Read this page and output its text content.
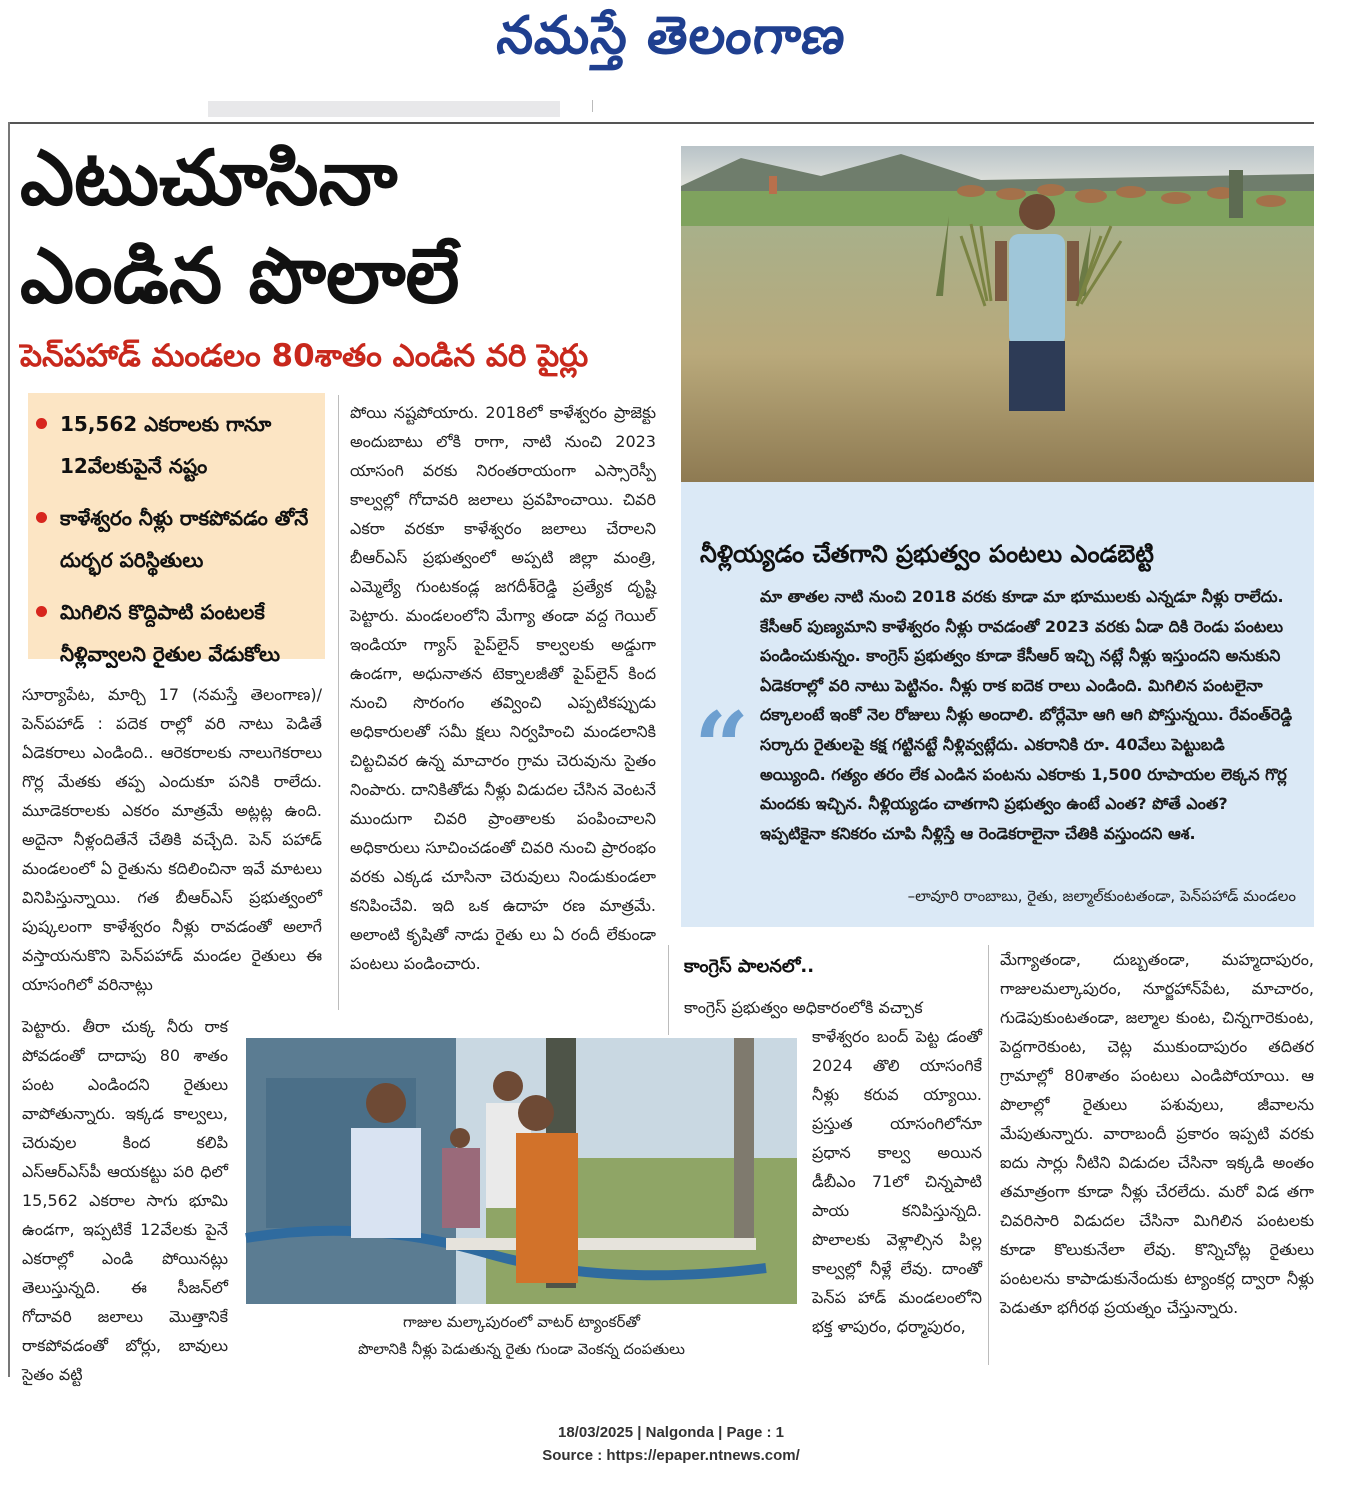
నమస్తే తెలంగాణ
ఎటుచూసినా
ఎండిన పొలాలే
పెన్‌పహాడ్ మండలం 80శాతం ఎండిన వరి పైర్లు
15,562 ఎకరాలకు గానూ 12వేలకుపైనే నష్టం
కాళేశ్వరం నీళ్లు రాకపోవడం తోనే దుర్భర పరిస్థితులు
మిగిలిన కొద్దిపాటి పంటలకే నీళ్లివ్వాలని రైతుల వేడుకోలు
సూర్యాపేట, మార్చి 17 (నమస్తే తెలంగాణ)/పెన్‌పహాడ్ : పదెక రాల్లో వరి నాటు పెడితే ఏడెకరాలు ఎండింది.. ఆరెకరాలకు నాలుగెకరాలు గొర్ల మేతకు తప్ప ఎందుకూ పనికి రాలేదు. మూడెకరాలకు ఎకరం మాత్రమే అట్లట్ల ఉంది. అదైనా నీళ్లందితేనే చేతికి వచ్చేది. పెన్ పహాడ్ మండలంలో ఏ రైతును కదిలించినా ఇవే మాటలు వినిపిస్తున్నాయి. గత బీఆర్‌ఎస్ ప్రభుత్వంలో పుష్కలంగా కాళేశ్వరం నీళ్లు రావడంతో అలాగే వస్తాయనుకొని పెన్‌పహాడ్ మండల రైతులు ఈ యాసంగిలో వరినాట్లు
పెట్టారు. తీరా చుక్క నీరు రాక పోవడంతో దాదాపు 80 శాతం పంట ఎండిందని రైతులు వాపోతున్నారు. ఇక్కడ కాల్వలు, చెరువుల కింద కలిపి ఎస్‌ఆర్‌ఎస్‌పీ ఆయకట్టు పరి ధిలో 15,562 ఎకరాల సాగు భూమి ఉండగా, ఇప్పటికే 12వేలకు పైనే ఎకరాల్లో ఎండి పోయినట్లు తెలుస్తున్నది. ఈ సీజన్‌లో గోదావరి జలాలు మొత్తానికే రాకపోవడంతో బోర్లు, బావులు సైతం వట్టి
పోయి నష్టపోయారు. 2018లో కాళేశ్వరం ప్రాజెక్టు అందుబాటు లోకి రాగా, నాటి నుంచి 2023 యాసంగి వరకు నిరంతరాయంగా ఎస్సారెస్పీ కాల్వల్లో గోదావరి జలాలు ప్రవహించాయి. చివరి ఎకరా వరకూ కాళేశ్వరం జలాలు చేరాలని బీఆర్‌ఎస్ ప్రభుత్వంలో అప్పటి జిల్లా మంత్రి, ఎమ్మెల్యే గుంటకండ్ల జగదీశ్‌రెడ్డి ప్రత్యేక దృష్టి పెట్టారు. మండలంలోని మేగ్యా తండా వద్ద గెయిల్ ఇండియా గ్యాస్ పైప్‌లైన్ కాల్వలకు అడ్డుగా ఉండగా, అధునాతన టెక్నాలజీతో పైప్‌లైన్ కింద నుంచి సొరంగం తవ్వించి ఎప్పటికప్పుడు అధికారులతో సమీ క్షలు నిర్వహించి మండలానికి చిట్టచివర ఉన్న మాచారం గ్రామ చెరువును సైతం నింపారు. దానికితోడు నీళ్లు విడుదల చేసిన వెంటనే ముందుగా చివరి ప్రాంతాలకు పంపించాలని అధికారులు సూచించడంతో చివరి నుంచి ప్రారంభం వరకు ఎక్కడ చూసినా చెరువులు నిండుకుండలా కనిపించేవి. ఇది ఒక ఉదాహ రణ మాత్రమే. అలాంటి కృషితో నాడు రైతు లు ఏ రందీ లేకుండా పంటలు పండించారు.
నీళ్లియ్యడం చేతగాని ప్రభుత్వం పంటలు ఎండబెట్టి
“
మా తాతల నాటి నుంచి 2018 వరకు కూడా మా భూములకు ఎన్నడూ నీళ్లు రాలేదు. కేసీఆర్ పుణ్యమాని కాళేశ్వరం నీళ్లు రావడంతో 2023 వరకు ఏడా దికి రెండు పంటలు పండించుకున్నం. కాంగ్రెస్ ప్రభుత్వం కూడా కేసీఆర్ ఇచ్చి నట్లే నీళ్లు ఇస్తుందని అనుకుని ఏడెకరాల్లో వరి నాటు పెట్టినం. నీళ్లు రాక ఐదెక రాలు ఎండింది. మిగిలిన పంటలైనా దక్కాలంటే ఇంకో నెల రోజులు నీళ్లు అందాలి. బోర్లేమో ఆగి ఆగి పోస్తున్నయి. రేవంత్‌రెడ్డి సర్కారు రైతులపై కక్ష గట్టినట్టే నీళ్లివ్వట్లేదు. ఎకరానికి రూ. 40వేలు పెట్టుబడి అయ్యింది. గత్యం తరం లేక ఎండిన పంటను ఎకరాకు 1,500 రూపాయల లెక్కన గొర్ల మందకు ఇచ్చిన. నీళ్లియ్యడం చాతగాని ప్రభుత్వం ఉంటే ఎంత? పోతే ఎంత? ఇప్పటికైనా కనికరం చూపి నీళ్లిస్తే ఆ రెండెకరాలైనా చేతికి వస్తుందని ఆశ.
–లావూరి రాంబాబు, రైతు, జల్మాల్‌కుంటతండా, పెన్‌పహాడ్ మండలం
గాజుల మల్కాపురంలో వాటర్ ట్యాంకర్‌తో
పొలానికి నీళ్లు పెడుతున్న రైతు గుండా వెంకన్న దంపతులు
కాంగ్రెస్ పాలనలో..
కాంగ్రెస్ ప్రభుత్వం అధికారంలోకి వచ్చాక
కాళేశ్వరం బంద్ పెట్ట డంతో 2024 తొలి యాసంగికే నీళ్లు కరువ య్యాయి. ప్రస్తుత యాసంగిలోనూ ప్రధాన కాల్వ అయిన డీబీఎం 71లో చిన్నపాటి పాయ కనిపిస్తున్నది. పొలాలకు వెళ్లాల్సిన పిల్ల కాల్వల్లో నీళ్లే లేవు. దాంతో పెన్‌ప హాడ్ మండలంలోని భక్త ళాపురం, ధర్మాపురం,
మేగ్యాతండా, దుబ్బతండా, మహ్మదాపురం, గాజులమల్కాపురం, నూర్జహాన్‌పేట, మాచారం, గుడెపుకుంటతండా, జల్మాల కుంట, చిన్నగారెకుంట, పెద్దగారెకుంట, చెట్ల ముకుందాపురం తదితర గ్రామాల్లో 80శాతం పంటలు ఎండిపోయాయి. ఆ పొలాల్లో రైతులు పశువులు, జీవాలను మేపుతున్నారు. వారాబందీ ప్రకారం ఇప్పటి వరకు ఐదు సార్లు నీటిని విడుదల చేసినా ఇక్కడి అంతం తమాత్రంగా కూడా నీళ్లు చేరలేదు. మరో విడ తగా చివరిసారి విడుదల చేసినా మిగిలిన పంటలకు కూడా కొలుకునేలా లేవు. కొన్నిచోట్ల రైతులు పంటలను కాపాడుకునేందుకు ట్యాంకర్ల ద్వారా నీళ్లు పెడుతూ భగీరథ ప్రయత్నం చేస్తున్నారు.
18/03/2025 | Nalgonda | Page : 1
Source : https://epaper.ntnews.com/
